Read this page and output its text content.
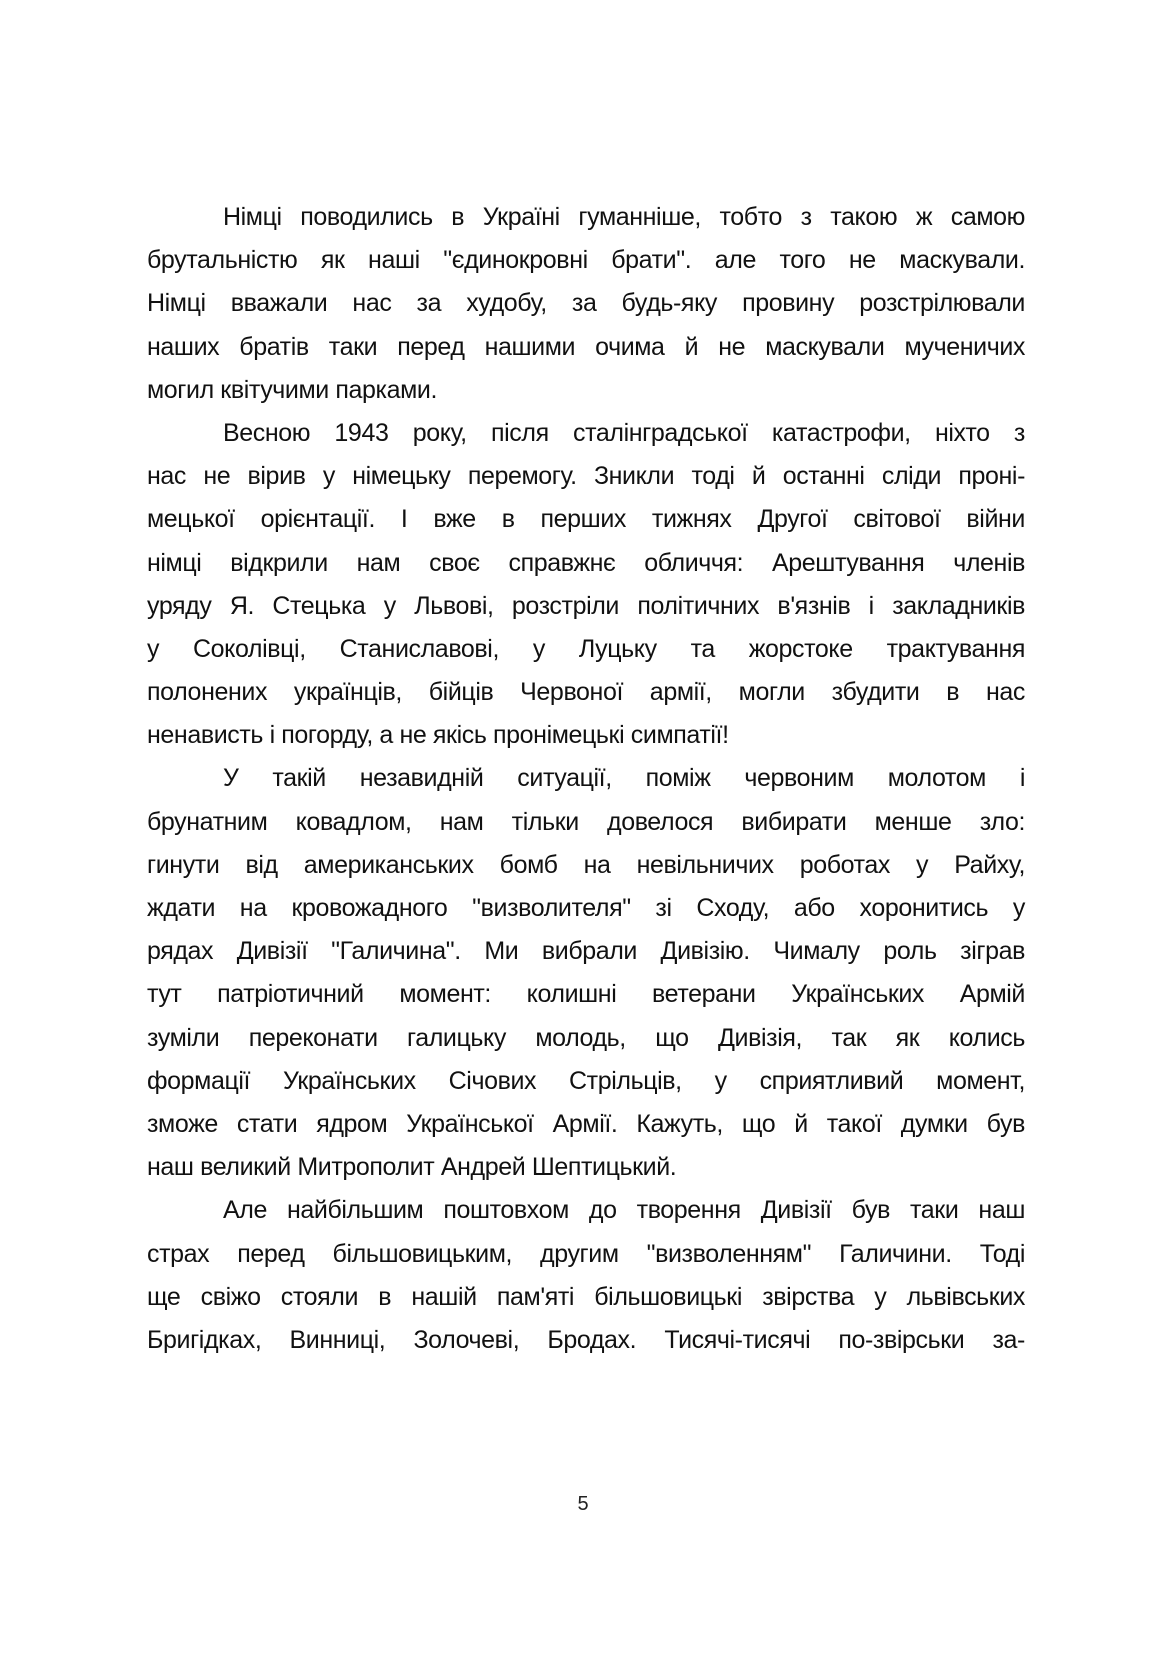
Німці поводились в Україні гуманніше, тобто з такою ж самою
брутальністю як наші "єдинокровні брати". але того не маскували.
Німці вважали нас за худобу, за будь-яку провину розстрілювали
наших братів таки перед нашими очима й не маскували мученичих
могил квітучими парками.
Весною 1943 року, після сталінградської катастрофи, ніхто з
нас не вірив у німецьку перемогу. Зникли тоді й останні сліди проні-
мецької орієнтації. І вже в перших тижнях Другої світової війни
німці відкрили нам своє справжнє обличчя: Арештування членів
уряду Я. Стецька у Львові, розстріли політичних в'язнів і закладників
у Соколівці, Станиславові, у Луцьку та жорстоке трактування
полонених українців, бійців Червоної армії, могли збудити в нас
ненависть і погорду, а не якісь пронімецькі симпатії!
У такій незавидній ситуації, поміж червоним молотом і
брунатним ковадлом, нам тільки довелося вибирати менше зло:
гинути від американських бомб на невільничих роботах у Райху,
ждати на кровожадного "визволителя" зі Сходу, або хоронитись у
рядах Дивізії "Галичина". Ми вибрали Дивізію. Чималу роль зіграв
тут патріотичний момент: колишні ветерани Українських Армій
зуміли переконати галицьку молодь, що Дивізія, так як колись
формації Українських Січових Стрільців, у сприятливий момент,
зможе стати ядром Української Армії. Кажуть, що й такої думки був
наш великий Митрополит Андрей Шептицький.
Але найбільшим поштовхом до творення Дивізії був таки наш
страх перед більшовицьким, другим "визволенням" Галичини. Тоді
ще свіжо стояли в нашій пам'яті більшовицькі звірства у львівських
Бригідках, Винниці, Золочеві, Бродах. Тисячі-тисячі по-звірськи за-
5
